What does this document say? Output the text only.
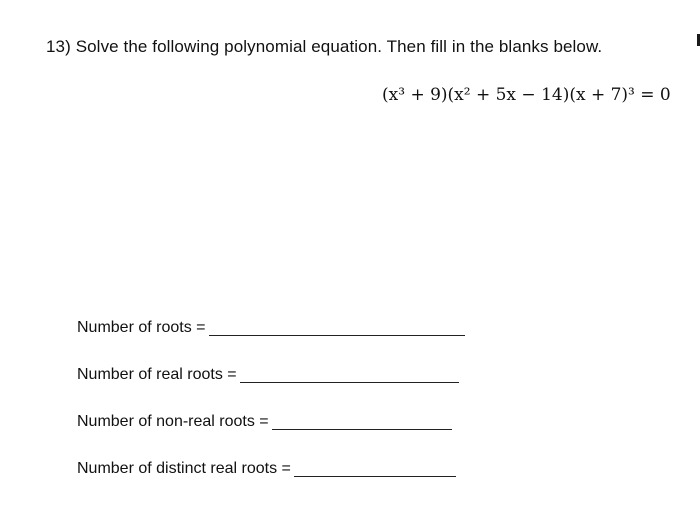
13) Solve the following polynomial equation. Then fill in the blanks below.
(x³ + 9)(x² + 5x − 14)(x + 7)³ = 0
Number of roots =
Number of real roots =
Number of non-real roots =
Number of distinct real roots =
